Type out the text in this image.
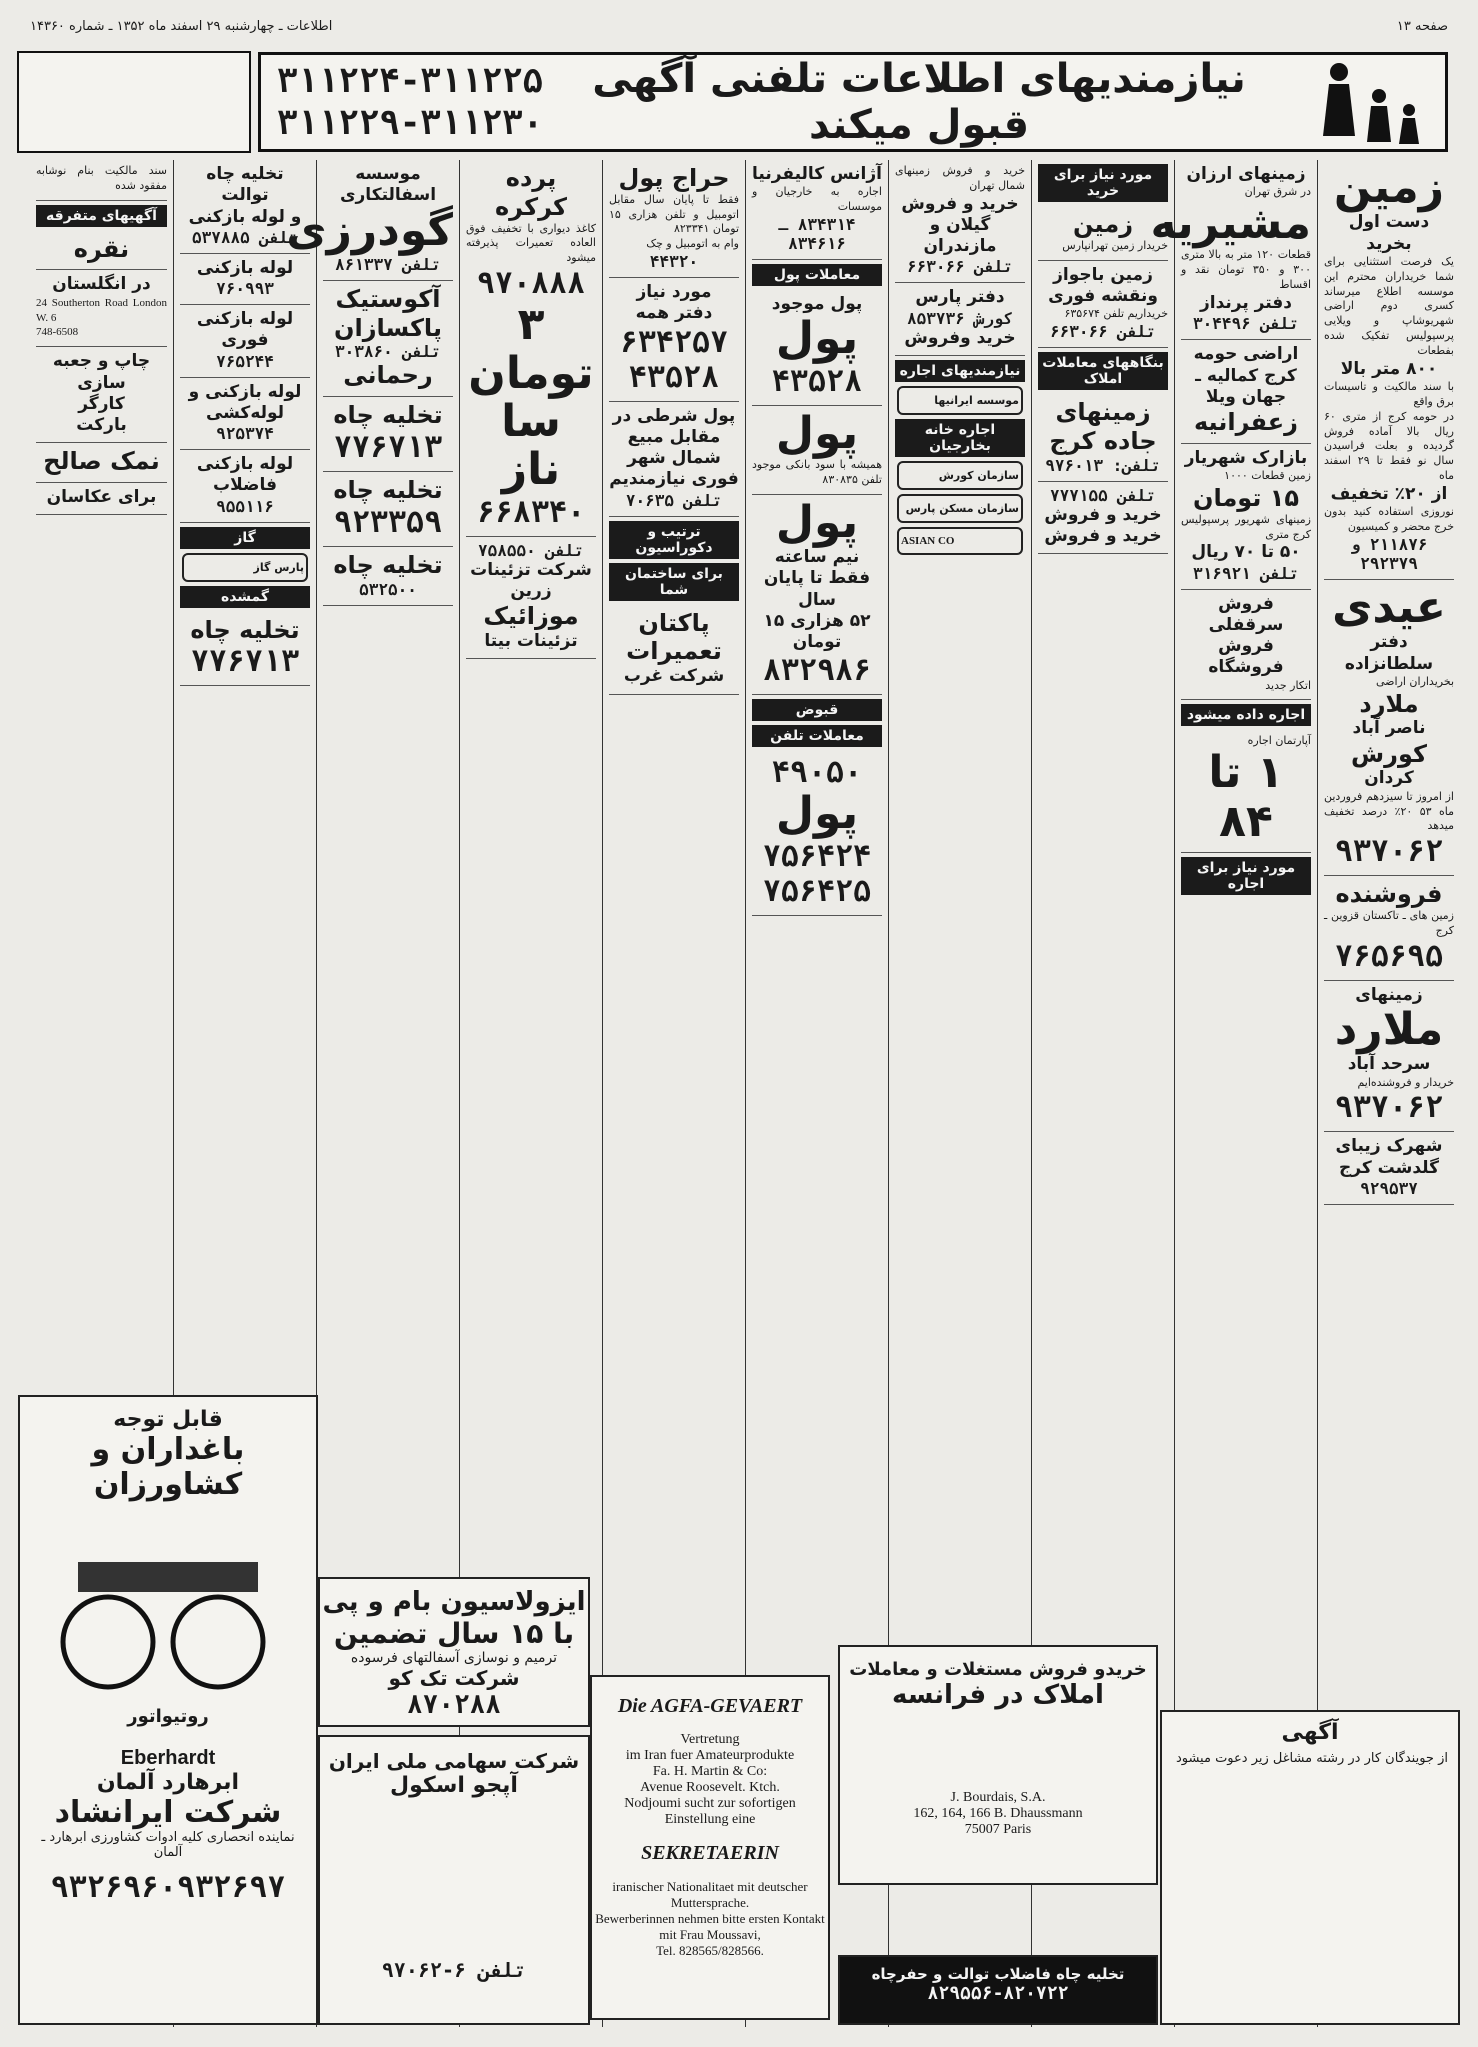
صفحه ۱۳
اطلاعات ـ چهارشنبه ۲۹ اسفند ماه ۱۳۵۲ ـ شماره ۱۴۳۶۰
نیازمندیهای اطلاعات تلفنی آگهی قبول میکند
۳۱۱۲۲۴-۳۱۱۲۲۵
۳۱۱۲۲۹-۳۱۱۲۳۰
زمین
دست اول بخرید
یک فرصت استثنایی برای شما خریداران محترم این موسسه اطلاع میرساند کسری دوم اراضی شهریوشاپ و ویلایی پرسپولیس تفکیک شده بفطعات
۸۰۰ متر بالا
با سند مالکیت و تاسیسات برق واقع
در حومه کرج از متری ۶۰ ریال بالا آماده فروش گردیده و بعلت فراسیدن سال نو فقط تا ۲۹ اسفند ماه
از ۲۰٪ تخفیف
نوروزی استفاده کنید بدون خرج محضر و کمیسیون
۲۱۱۸۷۶ و ۲۹۲۳۷۹
عیدی
دفتر سلطانزاده
بخریداران اراضی
ملارد
ناصر آباد
کورش
کردان
از امروز تا سیزدهم فروردین ماه ۵۳ ۲۰٪ درصد تخفیف میدهد
۹۳۷۰۶۲
فروشنده
زمین های ـ تاکستان قزوین ـ کرج
۷۶۵۶۹۵
زمینهای
ملارد
سرحد آباد
خریدار و فروشنده‌ایم
۹۳۷۰۶۲
شهرک زیبای
گلدشت کرج
۹۲۹۵۳۷
زمینهای ارزان
در شرق تهران
مشیریه
قطعات ۱۲۰ متر به بالا متری ۳۰۰ و ۳۵۰ تومان نقد و اقساط
دفتر پرنداز
تلفن ۳۰۴۴۹۶
اراضی حومه کرج کمالیه ـ جهان ویلا
زعفرانیه
بازارک شهریار
زمین قطعات ۱۰۰۰
۱۵ تومان
زمینهای شهریور پرسپولیس کرج متری
۵۰ تا ۷۰ ریال
تلفن ۳۱۶۹۲۱
فروش سرقفلی
فروش فروشگاه
اتکار جدید
اجاره داده میشود
آپارتمان اجاره
۱ تا ۸۴
مورد نیاز برای اجاره
مورد نیاز برای خرید
زمین
خریدار زمین تهرانپارس
زمین باجواز
ونقشه فوری
خریداریم تلفن ۶۳۵۶۷۴
تلفن ۶۶۳۰۶۶
بنگاههای معاملات املاک
زمینهای
جاده کرج
تلفن: ۹۷۶۰۱۳
تلفن ۷۷۷۱۵۵
خرید و فروش
خرید و فروش
خرید و فروش زمینهای شمال تهران
خرید و فروش
گیلان و مازندران
تلفن ۶۶۳۰۶۶
دفتر پارس
کورش ۸۵۳۷۳۶
خرید وفروش
نیازمندیهای اجاره
موسسه ایرانیها
اجاره خانه بخارجیان
سازمان کورش
سازمان مسکن پارس
ASIAN CO
آژانس کالیفرنیا
اجاره به خارجیان و موسسات
۸۳۴۳۱۴ ـ ۸۳۴۶۱۶
معاملات پول
پول موجود
پول
۴۳۵۲۸
پول
همیشه با سود بانکی موجود تلفن ۸۳۰۸۳۵
پول
نیم ساعته
فقط تا پایان سال
۵۲ هزاری ۱۵ تومان
۸۳۲۹۸۶
قبوض
معاملات تلفن
۴۹۰۵۰
پول
۷۵۶۴۲۴
۷۵۶۴۲۵
حراج پول
فقط تا پایان سال مقابل اتومبیل و تلفن هزاری ۱۵ تومان ۸۲۳۳۴۱
وام به اتومبیل و چک
۴۴۳۲۰
مورد نیاز
دفتر همه
۶۳۴۲۵۷
۴۳۵۲۸
پول شرطی در مقابل مبیع شمال شهر فوری نیازمندیم
تلفن ۷۰۶۳۵
ترتیب و دکوراسیون
برای ساختمان شما
پاکتان
تعمیرات
شرکت غرب
پرده کرکره
کاغذ دیواری با تخفیف فوق العاده تعمیرات پذیرفته میشود
۹۷۰۸۸۸
۳ تومان
سا ناز
۶۶۸۳۴۰
تلفن ۷۵۸۵۵۰
شرکت تزئینات زرین
موزائیک
تزئینات بیتا
موسسه اسفالتکاری
گودرزی
تلفن ۸۶۱۳۳۷
آکوستیک
پاکسازان
تلفن ۳۰۳۸۶۰
رحمانی
تخلیه چاه
۷۷۶۷۱۳
تخلیه چاه
۹۲۳۳۵۹
تخلیه چاه
۵۳۲۵۰۰
تخلیه چاه توالت
و لوله بازکنی
تلفن ۵۳۷۸۸۵
لوله بازکنی
۷۶۰۹۹۳
لوله بازکنی فوری
۷۶۵۲۴۴
لوله بازکنی و لوله‌کشی
۹۲۵۳۷۴
لوله بازکنی فاضلاب
۹۵۵۱۱۶
گاز
پارس گاز
گمشده
تخلیه چاه
۷۷۶۷۱۳
سند مالکیت بنام نوشابه مفقود شده
آگهیهای متفرقه
نقره
در انگلستان
24 Southerton Road London W. 6
748-6508
چاپ و جعبه سازی
کارگر
بارکت
نمک صالح
برای عکاسان
قابل توجه
باغداران و کشاورزان
روتیواتور
Eberhardt
ابرهارد آلمان
شرکت ایرانشاد
نماینده انحصاری کلیه ادوات کشاورزی ابرهارد ـ آلمان
۹۳۲۶۹۶۰۹۳۲۶۹۷
ایزولاسیون بام و پی
با ۱۵ سال تضمین
ترمیم و نوسازی آسفالتهای فرسوده
شرکت تک کو
۸۷۰۲۸۸	Die AGFA-GEVAERT
Vertretung
im Iran fuer Amateurprodukte
Fa. H. Martin & Co:
Avenue Roosevelt. Ktch.
Nodjoumi sucht zur sofortigen
Einstellung eine
SEKRETAERIN
iranischer Nationalitaet mit deutscher Muttersprache.
Bewerberinnen nehmen bitte ersten Kontakt mit Frau Moussavi,
Tel. 828565/828566.
شرکت سهامی ملی ایران
آپجو اسکول
تلفن ۶-۹۷۰۶۲
خریدو فروش مستغلات و معاملات
املاک در فرانسه
J. Bourdais, S.A.
162, 164, 166 B. Dhaussmann
75007 Paris
تخلیه چاه فاضلاب توالت و حفرچاه
۸۲۹۵۵۶-۸۲۰۷۲۲
آگهی
از جویندگان کار در رشته مشاغل زیر دعوت میشود
